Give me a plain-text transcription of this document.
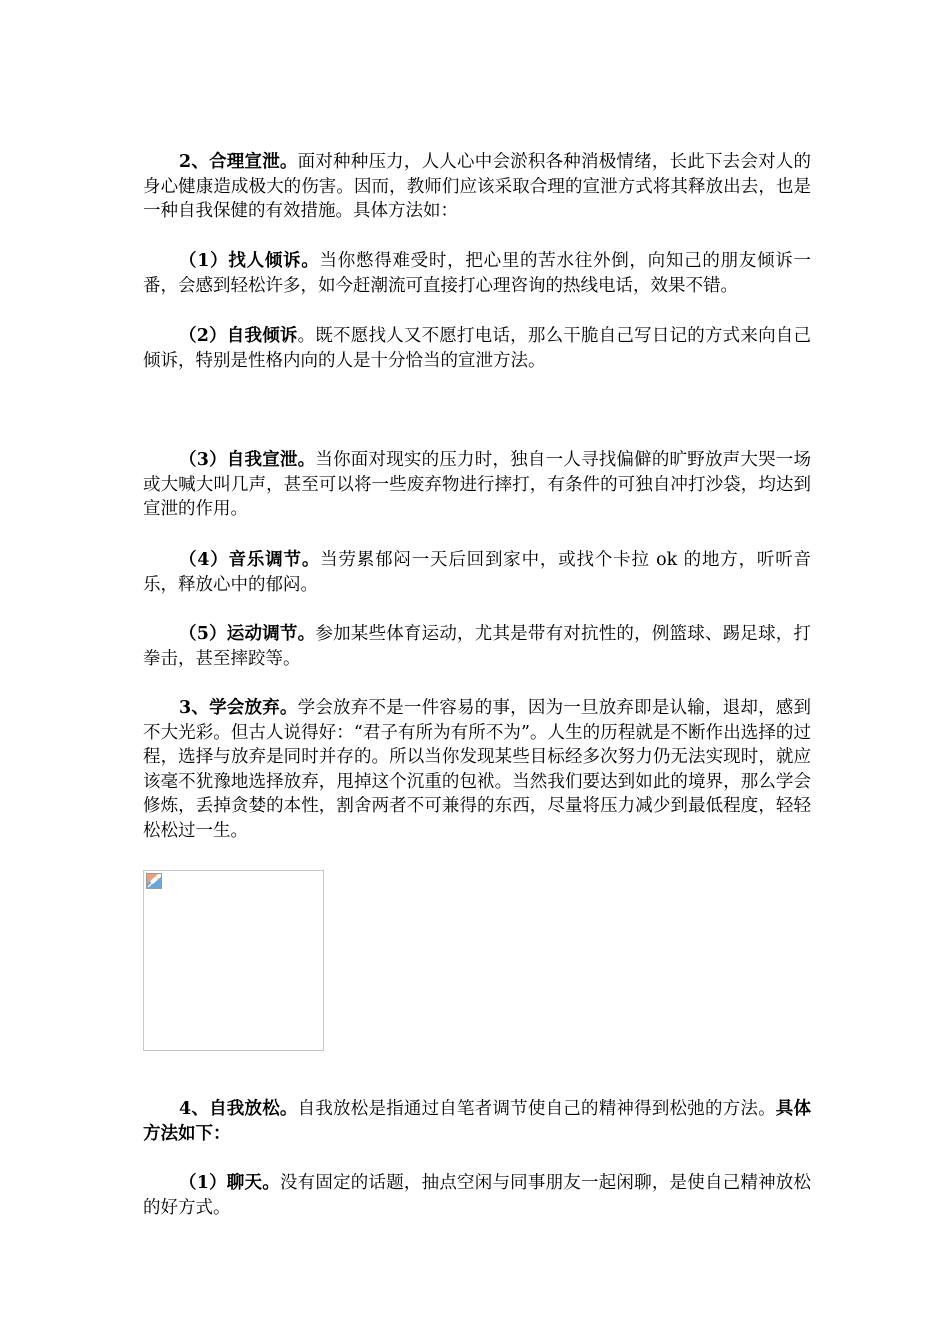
2、合理宣泄。面对种种压力，人人心中会淤积各种消极情绪，长此下去会对人的身心健康造成极大的伤害。因而，教师们应该采取合理的宣泄方式将其释放出去，也是一种自我保健的有效措施。具体方法如：

（1）找人倾诉。当你憋得难受时，把心里的苦水往外倒，向知己的朋友倾诉一番，会感到轻松许多，如今赶潮流可直接打心理咨询的热线电话，效果不错。

（2）自我倾诉。既不愿找人又不愿打电话，那么干脆自己写日记的方式来向自己倾诉，特别是性格内向的人是十分恰当的宣泄方法。

（3）自我宣泄。当你面对现实的压力时，独自一人寻找偏僻的旷野放声大哭一场或大喊大叫几声，甚至可以将一些废弃物进行摔打，有条件的可独自冲打沙袋，均达到宣泄的作用。

（4）音乐调节。当劳累郁闷一天后回到家中，或找个卡拉 ok 的地方，听听音乐，释放心中的郁闷。

（5）运动调节。参加某些体育运动，尤其是带有对抗性的，例篮球、踢足球，打拳击，甚至摔跤等。

3、学会放弃。学会放弃不是一件容易的事，因为一旦放弃即是认输，退却，感到不大光彩。但古人说得好：“君子有所为有所不为”。人生的历程就是不断作出选择的过程，选择与放弃是同时并存的。所以当你发现某些目标经多次努力仍无法实现时，就应该毫不犹豫地选择放弃，甩掉这个沉重的包袱。当然我们要达到如此的境界，那么学会修炼，丢掉贪婪的本性，割舍两者不可兼得的东西，尽量将压力减少到最低程度，轻轻松松过一生。

4、自我放松。自我放松是指通过自笔者调节使自己的精神得到松弛的方法。具体方法如下：

（1）聊天。没有固定的话题，抽点空闲与同事朋友一起闲聊，是使自己精神放松的好方式。
